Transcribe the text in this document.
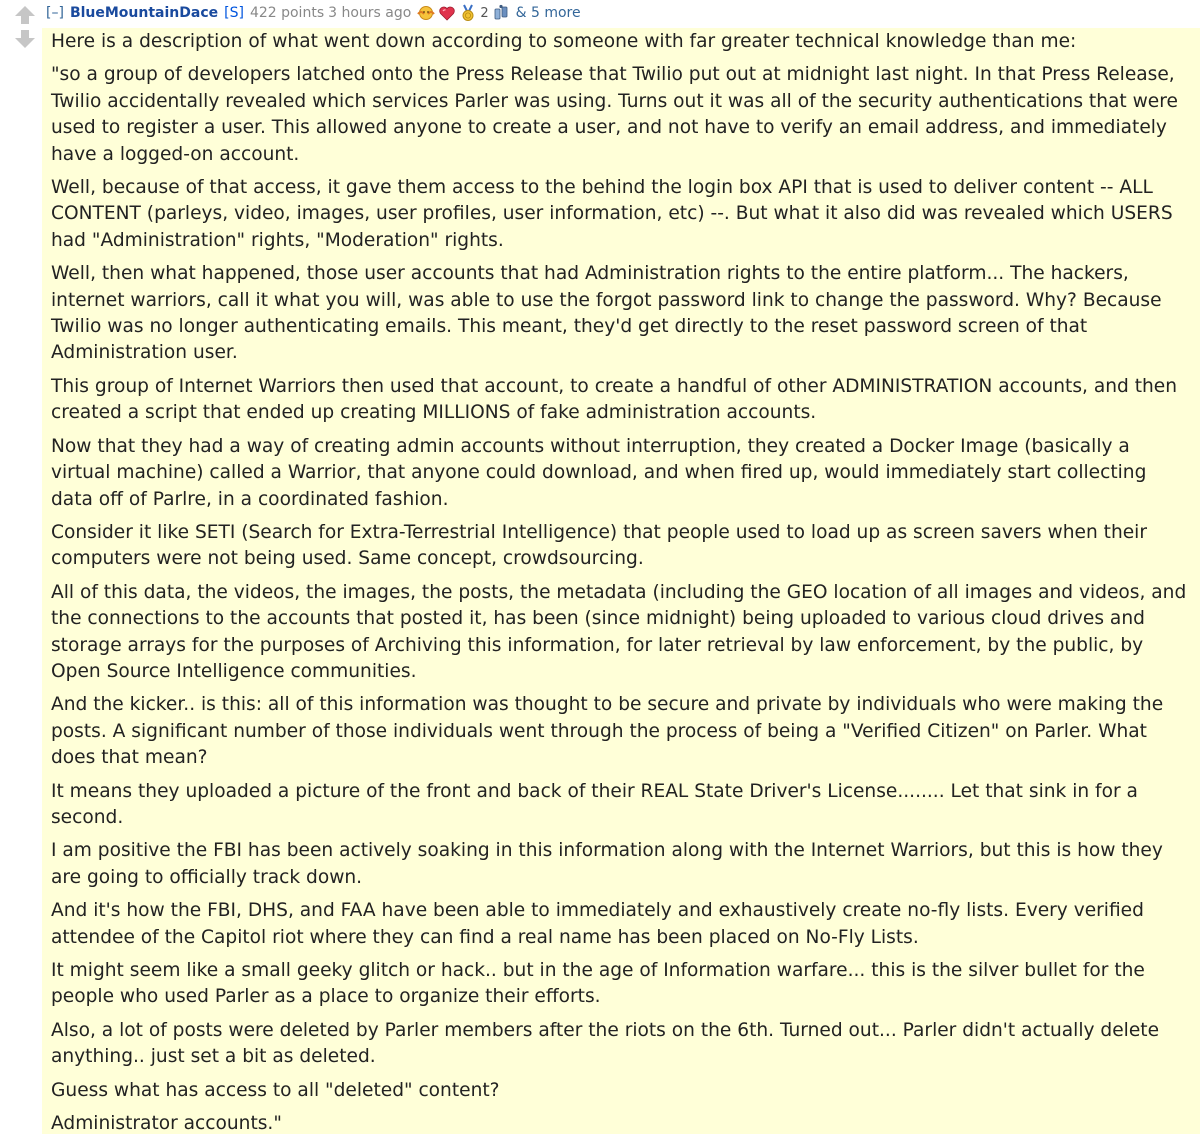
[–] BlueMountainDace [S] 422 points 3 hours ago	2 & 5 more

Here is a description of what went down according to someone with far greater technical knowledge than me:

"so a group of developers latched onto the Press Release that Twilio put out at midnight last night. In that Press Release, Twilio accidentally revealed which services Parler was using. Turns out it was all of the security authentications that were used to register a user. This allowed anyone to create a user, and not have to verify an email address, and immediately have a logged-on account.

Well, because of that access, it gave them access to the behind the login box API that is used to deliver content -- ALL CONTENT (parleys, video, images, user profiles, user information, etc) --. But what it also did was revealed which USERS had "Administration" rights, "Moderation" rights.

Well, then what happened, those user accounts that had Administration rights to the entire platform... The hackers, internet warriors, call it what you will, was able to use the forgot password link to change the password. Why? Because Twilio was no longer authenticating emails. This meant, they'd get directly to the reset password screen of that Administration user.

This group of Internet Warriors then used that account, to create a handful of other ADMINISTRATION accounts, and then created a script that ended up creating MILLIONS of fake administration accounts.

Now that they had a way of creating admin accounts without interruption, they created a Docker Image (basically a virtual machine) called a Warrior, that anyone could download, and when fired up, would immediately start collecting data off of Parlre, in a coordinated fashion.

Consider it like SETI (Search for Extra-Terrestrial Intelligence) that people used to load up as screen savers when their computers were not being used. Same concept, crowdsourcing.

All of this data, the videos, the images, the posts, the metadata (including the GEO location of all images and videos, and the connections to the accounts that posted it, has been (since midnight) being uploaded to various cloud drives and storage arrays for the purposes of Archiving this information, for later retrieval by law enforcement, by the public, by Open Source Intelligence communities.

And the kicker.. is this: all of this information was thought to be secure and private by individuals who were making the posts. A significant number of those individuals went through the process of being a "Verified Citizen" on Parler. What does that mean?

It means they uploaded a picture of the front and back of their REAL State Driver's License........ Let that sink in for a second.

I am positive the FBI has been actively soaking in this information along with the Internet Warriors, but this is how they are going to officially track down.

And it's how the FBI, DHS, and FAA have been able to immediately and exhaustively create no-fly lists. Every verified attendee of the Capitol riot where they can find a real name has been placed on No-Fly Lists.

It might seem like a small geeky glitch or hack.. but in the age of Information warfare... this is the silver bullet for the people who used Parler as a place to organize their efforts.

Also, a lot of posts were deleted by Parler members after the riots on the 6th. Turned out... Parler didn't actually delete anything.. just set a bit as deleted.

Guess what has access to all "deleted" content?

Administrator accounts."
